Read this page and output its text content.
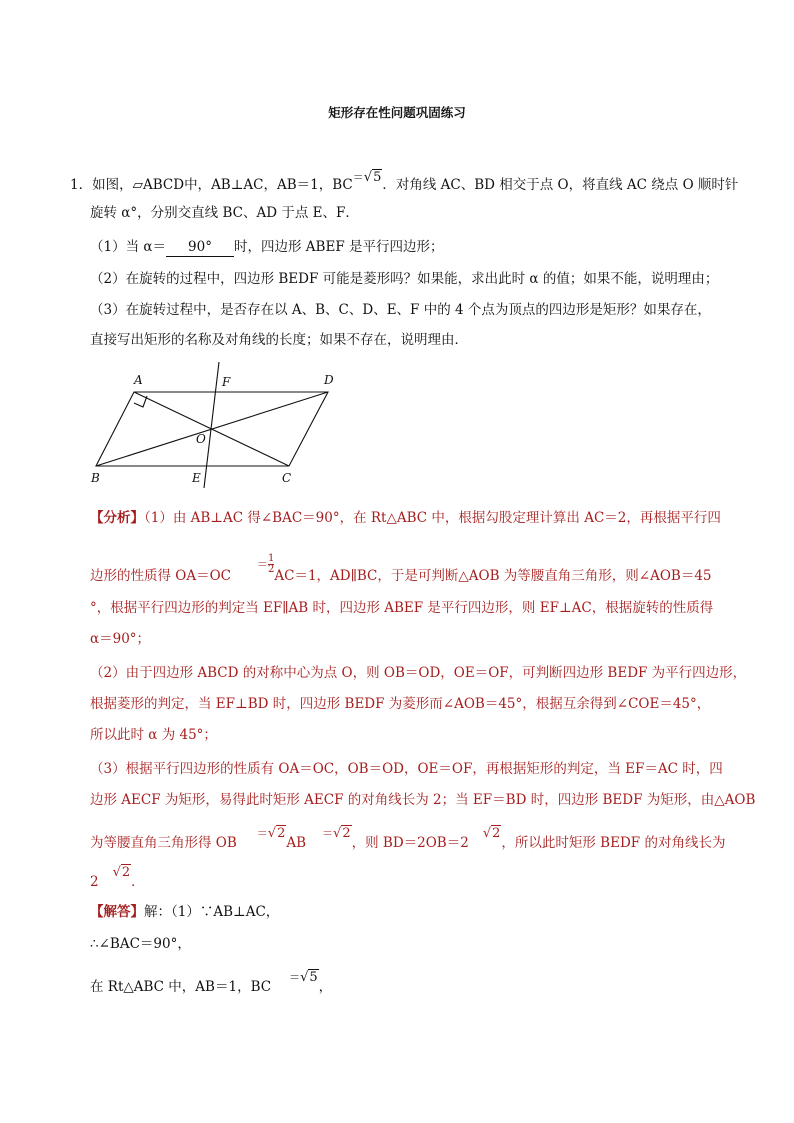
矩形存在性问题巩固练习
1．如图，▱ABCD中，AB⊥AC，AB＝1，BC＝√5．对角线 AC、BD 相交于点 O，将直线 AC 绕点 O 顺时针
旋转 α°，分别交直线 BC、AD 于点 E、F．
（1）当 α＝ 90° 时，四边形 ABEF 是平行四边形；
（2）在旋转的过程中，四边形 BEDF 可能是菱形吗？如果能，求出此时 α 的值；如果不能，说明理由；
（3）在旋转过程中，是否存在以 A、B、C、D、E、F 中的 4 个点为顶点的四边形是矩形？如果存在，
直接写出矩形的名称及对角线的长度；如果不存在，说明理由．
A	F	D
O
B	E	C
【分析】（1）由 AB⊥AC 得∠BAC＝90°，在 Rt△ABC 中，根据勾股定理计算出 AC＝2，再根据平行四
边形的性质得 $OA=OC^= \frac{1}{2}$
AC＝1，AD∥BC，于是可判断△AOB 为等腰直角三角形，则∠AOB＝45
°，根据平行四边形的判定当 EF∥AB 时，四边形 ABEF 是平行四边形，则 EF⊥AC，根据旋转的性质得
α＝90°；
（2）由于四边形 ABCD 的对称中心为点 O，则 OB＝OD，OE＝OF，可判断四边形 BEDF 为平行四边形，
根据菱形的判定，当 EF⊥BD 时，四边形 BEDF 为菱形而∠AOB＝45°，根据互余得到∠COE＝45°，
所以此时 α 为 45°；
（3）根据平行四边形的性质有 OA＝OC，OB＝OD，OE＝OF，再根据矩形的判定，当 EF＝AC 时，四
边形 AECF 为矩形，易得此时矩形 AECF 的对角线长为 2；当 EF＝BD 时，四边形 BEDF 为矩形，由△AOB
为等腰直角三角形得 OB＝√2AB＝√2，则 BD＝2OB＝2√2，所以此时矩形 BEDF 的对角线长为
2√2．
【解答】解：（1）∵AB⊥AC，
∴∠BAC＝90°，
在 Rt△ABC 中，AB＝1，BC＝√5，
